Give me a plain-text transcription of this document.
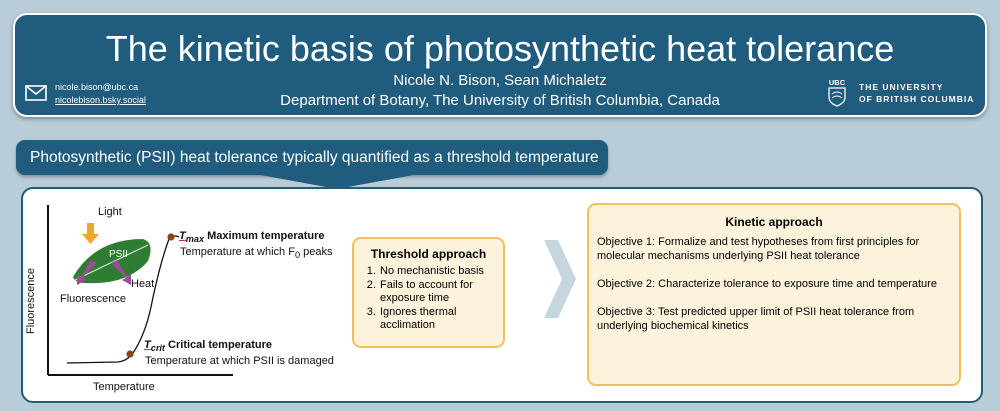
The kinetic basis of photosynthetic heat tolerance
Nicole N. Bison, Sean Michaletz
Department of Botany, The University of British Columbia, Canada
nicole.bison@ubc.ca
nicolebison.bsky.social
UBC THE UNIVERSITY
OF BRITISH COLUMBIA
Photosynthetic (PSII) heat tolerance typically quantified as a threshold temperature
Light
PSII
Heat
Fluorescence
Fluorescence
Temperature
$T_{max}$ Maximum temperature
Temperature at which $F_0$ peaks
$T_{crit}$ Critical temperature
Temperature at which PSII is damaged
Threshold approach
1. No mechanistic basis
2. Fails to account for exposure time
3. Ignores thermal acclimation
Kinetic approach

Objective 1: Formalize and test hypotheses from first principles for molecular mechanisms underlying PSII heat tolerance

Objective 2: Characterize tolerance to exposure time and temperature

Objective 3: Test predicted upper limit of PSII heat tolerance from underlying biochemical kinetics
